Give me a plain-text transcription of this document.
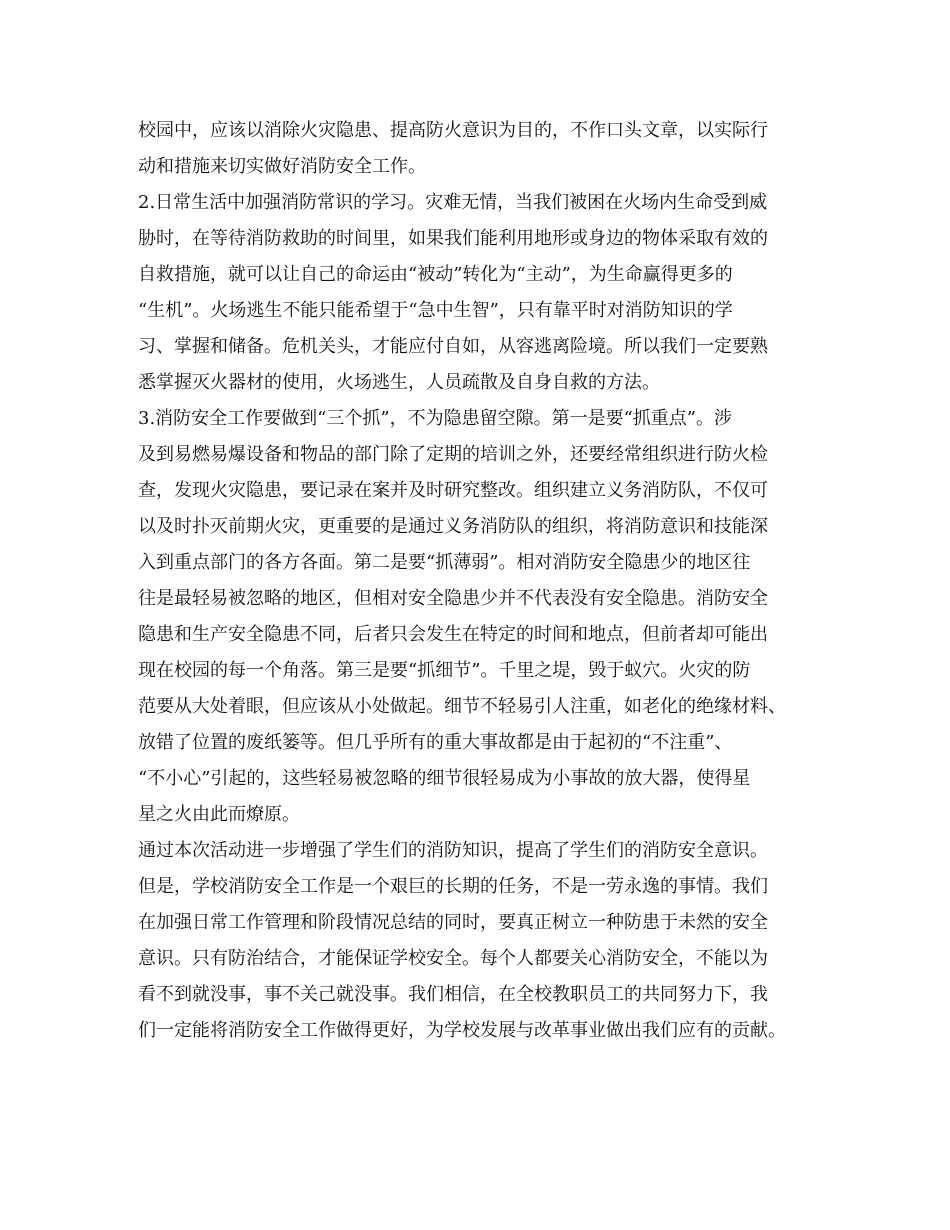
校园中，应该以消除火灾隐患、提高防火意识为目的，不作口头文章，以实际行
动和措施来切实做好消防安全工作。
2.日常生活中加强消防常识的学习。灾难无情，当我们被困在火场内生命受到威
胁时，在等待消防救助的时间里，如果我们能利用地形或身边的物体采取有效的
自救措施，就可以让自己的命运由“被动”转化为“主动”，为生命赢得更多的
“生机”。火场逃生不能只能希望于“急中生智”，只有靠平时对消防知识的学
习、掌握和储备。危机关头，才能应付自如，从容逃离险境。所以我们一定要熟
悉掌握灭火器材的使用，火场逃生，人员疏散及自身自救的方法。
3.消防安全工作要做到“三个抓”，不为隐患留空隙。第一是要“抓重点”。涉
及到易燃易爆设备和物品的部门除了定期的培训之外，还要经常组织进行防火检
查，发现火灾隐患，要记录在案并及时研究整改。组织建立义务消防队，不仅可
以及时扑灭前期火灾，更重要的是通过义务消防队的组织，将消防意识和技能深
入到重点部门的各方各面。第二是要“抓薄弱”。相对消防安全隐患少的地区往
往是最轻易被忽略的地区，但相对安全隐患少并不代表没有安全隐患。消防安全
隐患和生产安全隐患不同，后者只会发生在特定的时间和地点，但前者却可能出
现在校园的每一个角落。第三是要“抓细节”。千里之堤，毁于蚁穴。火灾的防
范要从大处着眼，但应该从小处做起。细节不轻易引人注重，如老化的绝缘材料、
放错了位置的废纸篓等。但几乎所有的重大事故都是由于起初的“不注重”、
“不小心”引起的，这些轻易被忽略的细节很轻易成为小事故的放大器，使得星
星之火由此而燎原。
通过本次活动进一步增强了学生们的消防知识，提高了学生们的消防安全意识。
但是，学校消防安全工作是一个艰巨的长期的任务，不是一劳永逸的事情。我们
在加强日常工作管理和阶段情况总结的同时，要真正树立一种防患于未然的安全
意识。只有防治结合，才能保证学校安全。每个人都要关心消防安全，不能以为
看不到就没事，事不关己就没事。我们相信，在全校教职员工的共同努力下，我
们一定能将消防安全工作做得更好，为学校发展与改革事业做出我们应有的贡献。
